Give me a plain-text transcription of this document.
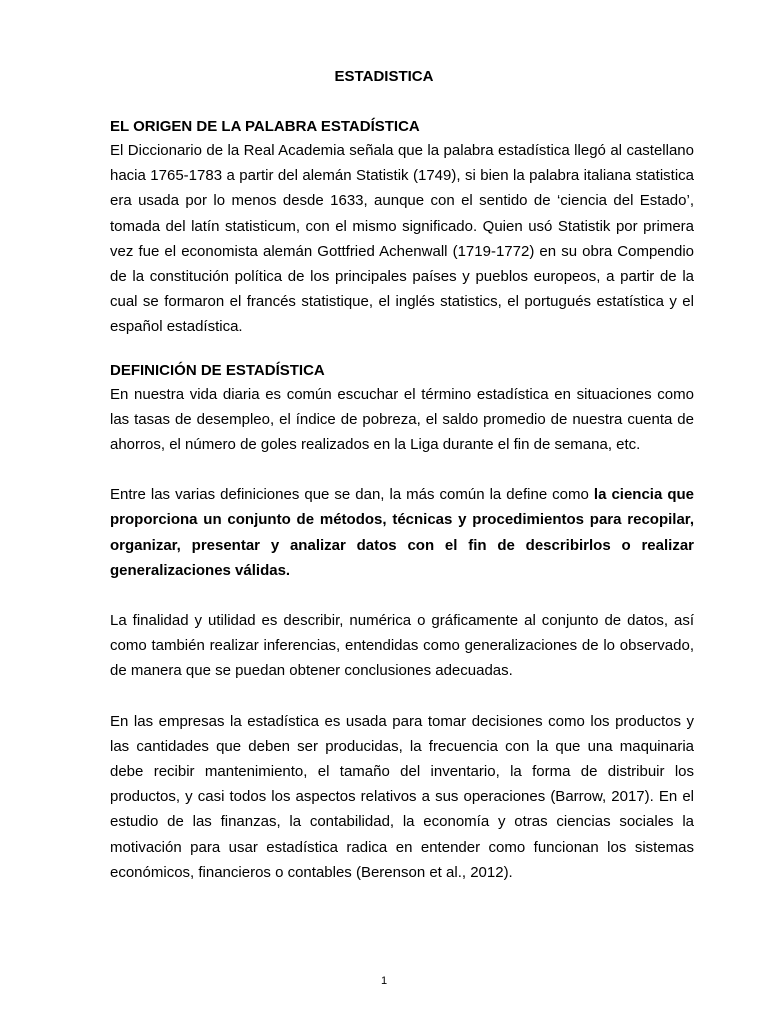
ESTADISTICA
EL ORIGEN DE LA PALABRA ESTADÍSTICA

El Diccionario de la Real Academia señala que la palabra estadística llegó al castellano hacia 1765-1783 a partir del alemán Statistik (1749), si bien la palabra italiana statistica era usada por lo menos desde 1633, aunque con el sentido de ‘ciencia del Estado’, tomada del latín statisticum, con el mismo significado. Quien usó Statistik por primera vez fue el economista alemán Gottfried Achenwall (1719-1772) en su obra Compendio de la constitución política de los principales países y pueblos europeos, a partir de la cual se formaron el francés statistique, el inglés statistics, el portugués estatística y el español estadística.

DEFINICIÓN DE ESTADÍSTICA

En nuestra vida diaria es común escuchar el término estadística en situaciones como las tasas de desempleo, el índice de pobreza, el saldo promedio de nuestra cuenta de ahorros, el número de goles realizados en la Liga durante el fin de semana, etc.

Entre las varias definiciones que se dan, la más común la define como la ciencia que proporciona un conjunto de métodos, técnicas y procedimientos para recopilar, organizar, presentar y analizar datos con el fin de describirlos o realizar generalizaciones válidas.

La finalidad y utilidad es describir, numérica o gráficamente al conjunto de datos, así como también realizar inferencias, entendidas como generalizaciones de lo observado, de manera que se puedan obtener conclusiones adecuadas.

En las empresas la estadística es usada para tomar decisiones como los productos y las cantidades que deben ser producidas, la frecuencia con la que una maquinaria debe recibir mantenimiento, el tamaño del inventario, la forma de distribuir los productos, y casi todos los aspectos relativos a sus operaciones (Barrow, 2017). En el estudio de las finanzas, la contabilidad, la economía y otras ciencias sociales la motivación para usar estadística radica en entender como funcionan los sistemas económicos, financieros o contables (Berenson et al., 2012).

1
